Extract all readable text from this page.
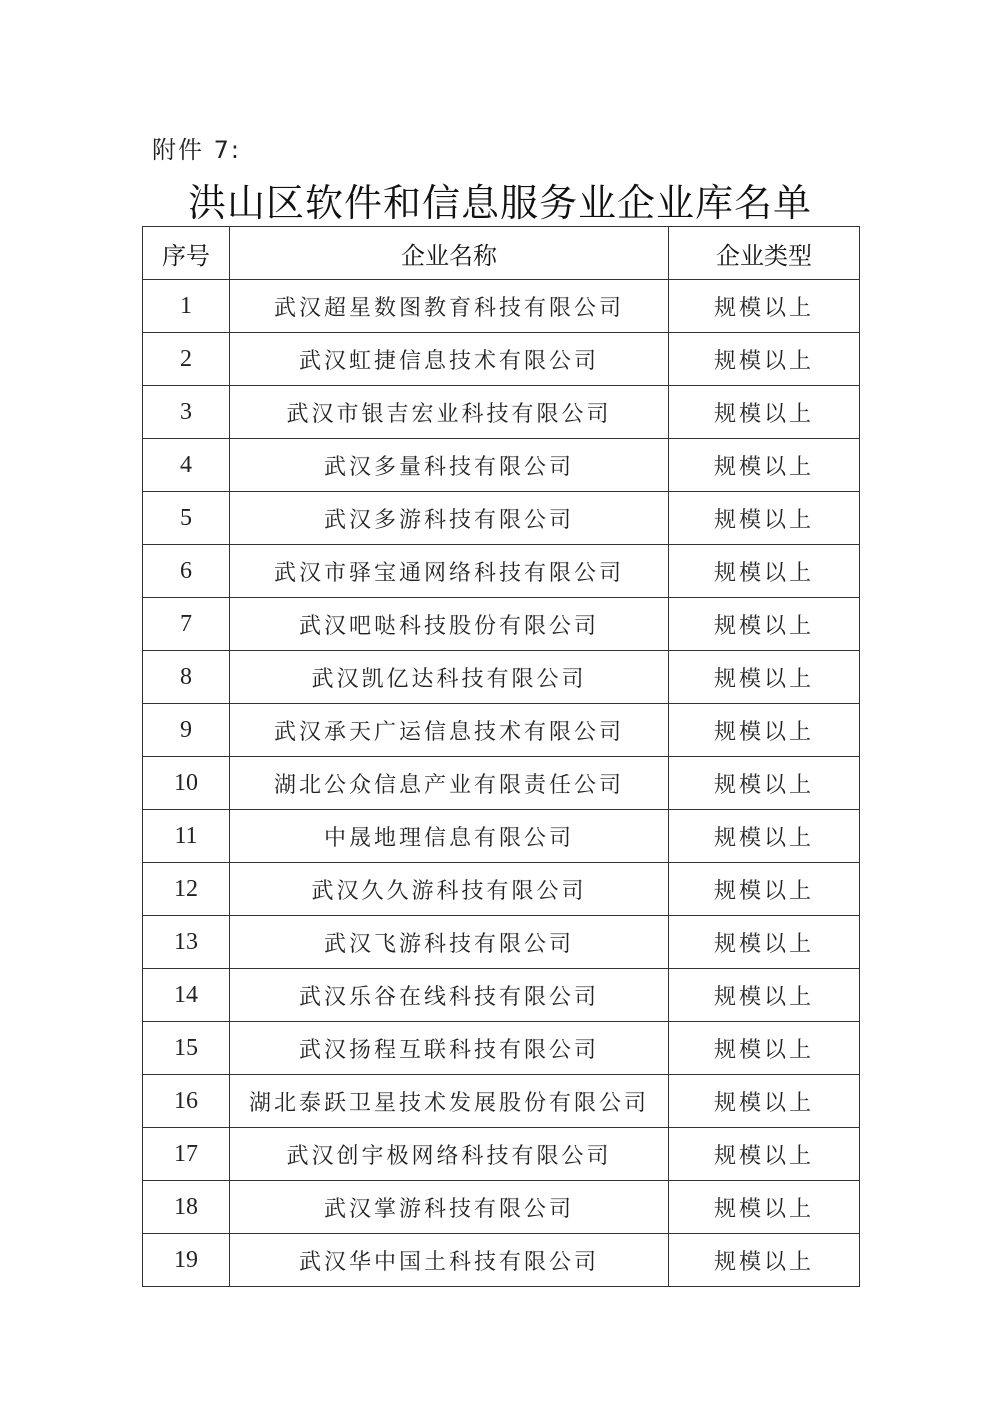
附件 7:
洪山区软件和信息服务业企业库名单
序号	企业名称	企业类型
1	武汉超星数图教育科技有限公司	规模以上
2	武汉虹捷信息技术有限公司	规模以上
3	武汉市银吉宏业科技有限公司	规模以上
4	武汉多量科技有限公司	规模以上
5	武汉多游科技有限公司	规模以上
6	武汉市驿宝通网络科技有限公司	规模以上
7	武汉吧哒科技股份有限公司	规模以上
8	武汉凯亿达科技有限公司	规模以上
9	武汉承天广运信息技术有限公司	规模以上
10	湖北公众信息产业有限责任公司	规模以上
11	中晟地理信息有限公司	规模以上
12	武汉久久游科技有限公司	规模以上
13	武汉飞游科技有限公司	规模以上
14	武汉乐谷在线科技有限公司	规模以上
15	武汉扬程互联科技有限公司	规模以上
16	湖北泰跃卫星技术发展股份有限公司	规模以上
17	武汉创宇极网络科技有限公司	规模以上
18	武汉掌游科技有限公司	规模以上
19	武汉华中国土科技有限公司	规模以上
